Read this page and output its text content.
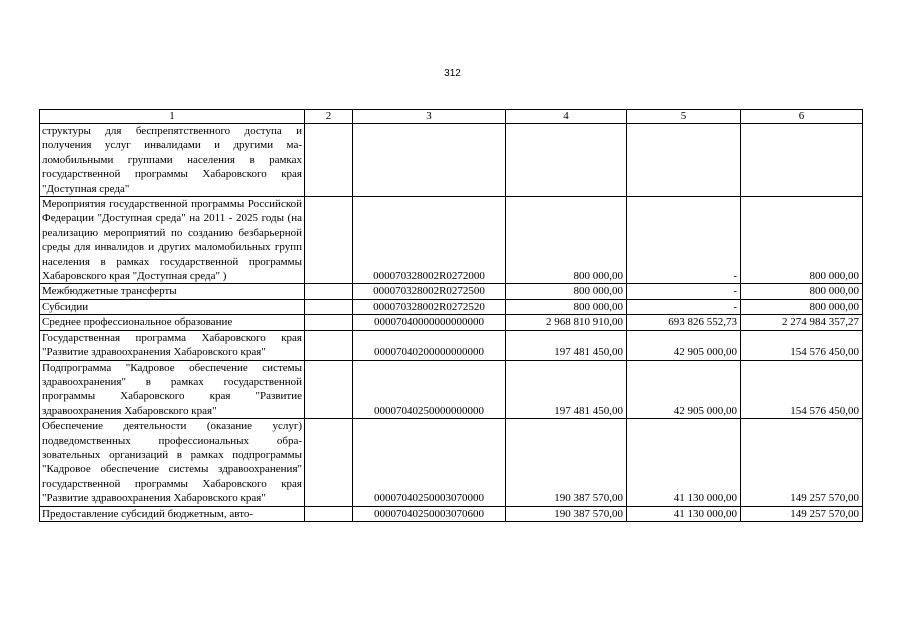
312
1	2	3	4	5	6
структуры для беспрепятственного доступа и получения услуг инвалидами и другими маломобильными группами населения в рамках государственной программы Хабаровского края "Доступная среда"					
Мероприятия государственной программы Российской Федерации "Доступная среда" на 2011 - 2025 годы (на реализацию мероприятий по созданию безбарьерной среды для инвалидов и других маломобильных групп населения в рамках государственной программы Хабаровского края "Доступная среда" )		000070328002R0272000	800 000,00	-	800 000,00
Межбюджетные трансферты		000070328002R0272500	800 000,00	-	800 000,00
Субсидии		000070328002R0272520	800 000,00	-	800 000,00
Среднее профессиональное образование		00007040000000000000	2 968 810 910,00	693 826 552,73	2 274 984 357,27
Государственная программа Хабаровского края "Развитие здравоохранения Хабаровского края"		00007040200000000000	197 481 450,00	42 905 000,00	154 576 450,00
Подпрограмма "Кадровое обеспечение системы здравоохранения" в рамках государственной программы Хабаровского края "Развитие здравоохранения Хабаровского края"		00007040250000000000	197 481 450,00	42 905 000,00	154 576 450,00
Обеспечение деятельности (оказание услуг) подведомственных профессиональных образовательных организаций в рамках подпрограммы "Кадровое обеспечение системы здравоохранения" государственной программы Хабаровского края "Развитие здравоохранения Хабаровского края"		00007040250003070000	190 387 570,00	41 130 000,00	149 257 570,00
Предоставление субсидий бюджетным, авто-		00007040250003070600	190 387 570,00	41 130 000,00	149 257 570,00
